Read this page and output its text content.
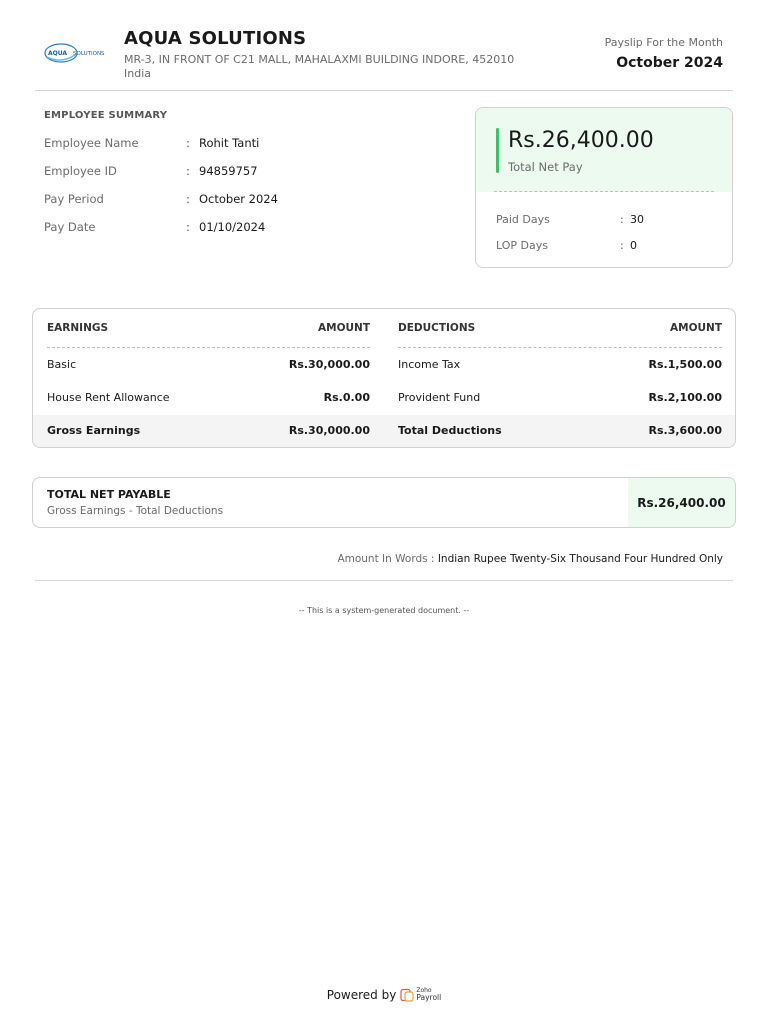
AQUA SOLUTIONS
AQUA SOLUTIONS
MR-3, IN FRONT OF C21 MALL, MAHALAXMI BUILDING INDORE, 452010
India
Payslip For the Month
October 2024
EMPLOYEE SUMMARY
Employee Name	: Rohit Tanti
Employee ID	: 94859757
Pay Period	: October 2024
Pay Date	: 01/10/2024
Rs.26,400.00
Total Net Pay
Paid Days	: 30
LOP Days	: 0
EARNINGS	AMOUNT
Basic	Rs.30,000.00
House Rent Allowance	Rs.0.00
Gross Earnings	Rs.30,000.00
DEDUCTIONS	AMOUNT
Income Tax	Rs.1,500.00
Provident Fund	Rs.2,100.00
Total Deductions	Rs.3,600.00
TOTAL NET PAYABLE
Gross Earnings - Total Deductions
Rs.26,400.00
Amount In Words : Indian Rupee Twenty-Six Thousand Four Hundred Only
-- This is a system-generated document. --
Powered by	Zoho
Payroll
